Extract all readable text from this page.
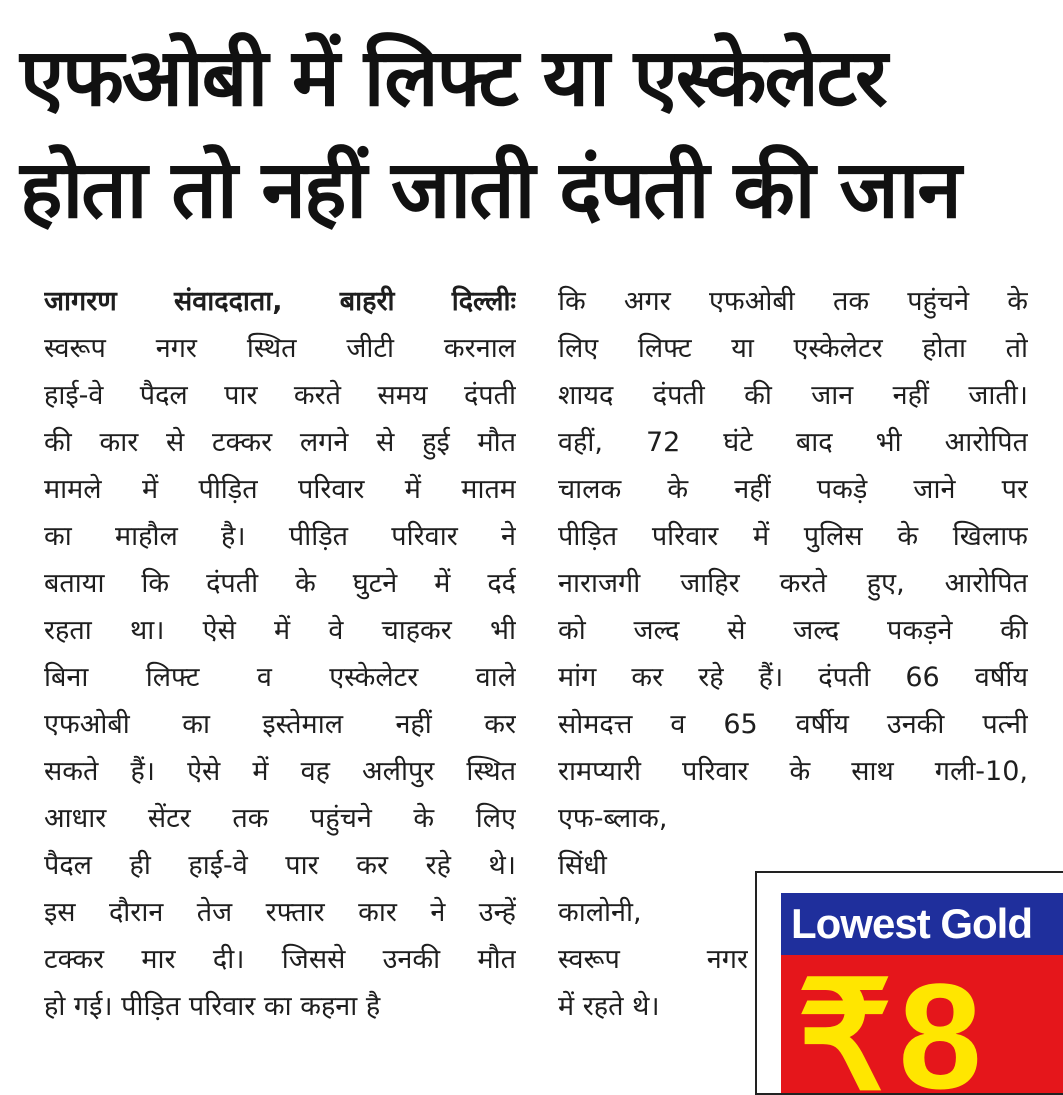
एफओबी में लिफ्ट या एस्केलेटर
होता तो नहीं जाती दंपती की जान
जागरण संवाददाता, बाहरी दिल्लीः
स्वरूप नगर स्थित जीटी करनाल
हाई-वे पैदल पार करते समय दंपती
की कार से टक्कर लगने से हुई मौत
मामले में पीड़ित परिवार में मातम
का माहौल है। पीड़ित परिवार ने
बताया कि दंपती के घुटने में दर्द
रहता था। ऐसे में वे चाहकर भी
बिना लिफ्ट व एस्केलेटर वाले
एफओबी का इस्तेमाल नहीं कर
सकते हैं। ऐसे में वह अलीपुर स्थित
आधार सेंटर तक पहुंचने के लिए
पैदल ही हाई-वे पार कर रहे थे।
इस दौरान तेज रफ्तार कार ने उन्हें
टक्कर मार दी। जिससे उनकी मौत
हो गई। पीड़ित परिवार का कहना है
कि अगर एफओबी तक पहुंचने के
लिए लिफ्ट या एस्केलेटर होता तो
शायद दंपती की जान नहीं जाती।
वहीं, 72 घंटे बाद भी आरोपित
चालक के नहीं पकड़े जाने पर
पीड़ित परिवार में पुलिस के खिलाफ
नाराजगी जाहिर करते हुए, आरोपित
को जल्द से जल्द पकड़ने की
मांग कर रहे हैं। दंपती 66 वर्षीय
सोमदत्त व 65 वर्षीय उनकी पत्नी
रामप्यारी परिवार के साथ गली-10,
एफ-ब्लाक,
सिंधी
कालोनी,
स्वरूप नगर
में रहते थे।
Lowest Gold
₹8
